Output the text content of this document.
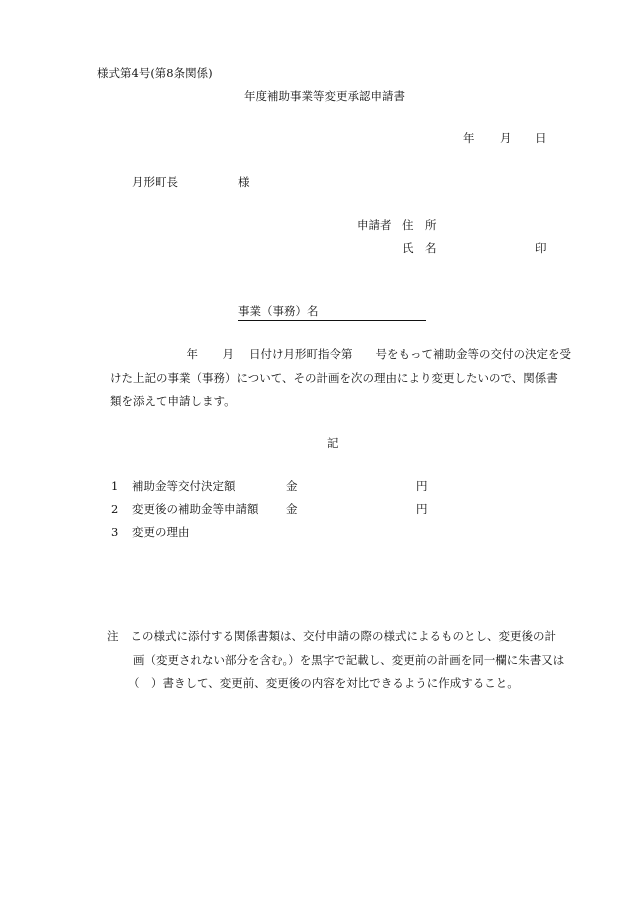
様式第4号(第8条関係)
年度補助事業等変更承認申請書
年 月 日
月形町長	様
申請者 住　所
氏　名	印
事業（事務）名
年 月 日付け月形町指令第　　号をもって補助金等の交付の決定を受
けた上記の事業（事務）について、その計画を次の理由により変更したいので、関係書
類を添えて申請します。
記
1 補助金等交付決定額	金	円
2 変更後の補助金等申請額 金	円
3 変更の理由
注 この様式に添付する関係書類は、交付申請の際の様式によるものとし、変更後の計
画（変更されない部分を含む。）を黒字で記載し、変更前の計画を同一欄に朱書又は
（　）書きして、変更前、変更後の内容を対比できるように作成すること。
